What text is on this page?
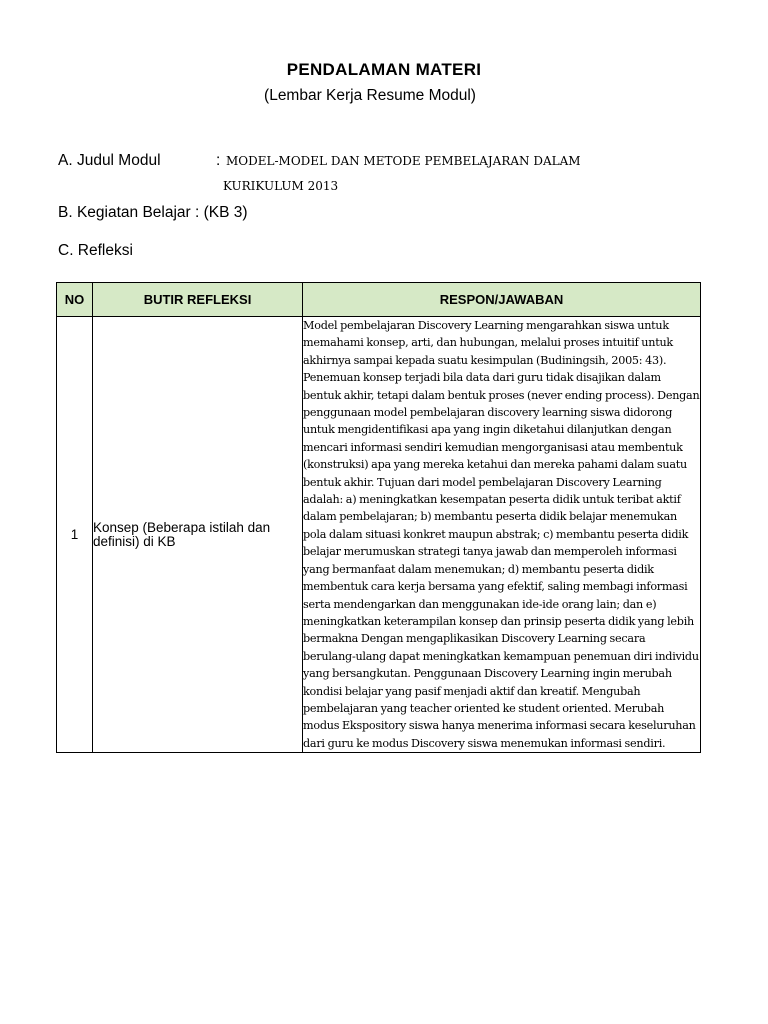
PENDALAMAN MATERI
(Lembar Kerja Resume Modul)
A. Judul Modul	: MODEL-MODEL DAN METODE PEMBELAJARAN DALAM
KURIKULUM 2013
B. Kegiatan Belajar : (KB 3)
C. Refleksi
NO	BUTIR REFLEKSI	RESPON/JAWABAN
1	Konsep (Beberapa istilah dan definisi) di KB	Model pembelajaran Discovery Learning mengarahkan siswa untuk memahami konsep, arti, dan hubungan, melalui proses intuitif untuk akhirnya sampai kepada suatu kesimpulan (Budiningsih, 2005: 43). Penemuan konsep terjadi bila data dari guru tidak disajikan dalam bentuk akhir, tetapi dalam bentuk proses (never ending process). Dengan penggunaan model pembelajaran discovery learning siswa didorong untuk mengidentifikasi apa yang ingin diketahui dilanjutkan dengan mencari informasi sendiri kemudian mengorganisasi atau membentuk (konstruksi) apa yang mereka ketahui dan mereka pahami dalam suatu bentuk akhir. Tujuan dari model pembelajaran Discovery Learning adalah: a) meningkatkan kesempatan peserta didik untuk teribat aktif dalam pembelajaran; b) membantu peserta didik belajar menemukan pola dalam situasi konkret maupun abstrak; c) membantu peserta didik belajar merumuskan strategi tanya jawab dan memperoleh informasi yang bermanfaat dalam menemukan; d) membantu peserta didik membentuk cara kerja bersama yang efektif, saling membagi informasi serta mendengarkan dan menggunakan ide-ide orang lain; dan e) meningkatkan keterampilan konsep dan prinsip peserta didik yang lebih bermakna Dengan mengaplikasikan Discovery Learning secara berulang-ulang dapat meningkatkan kemampuan penemuan diri individu yang bersangkutan. Penggunaan Discovery Learning ingin merubah kondisi belajar yang pasif menjadi aktif dan kreatif. Mengubah pembelajaran yang teacher oriented ke student oriented. Merubah modus Ekspository siswa hanya menerima informasi secara keseluruhan dari guru ke modus Discovery siswa menemukan informasi sendiri.
